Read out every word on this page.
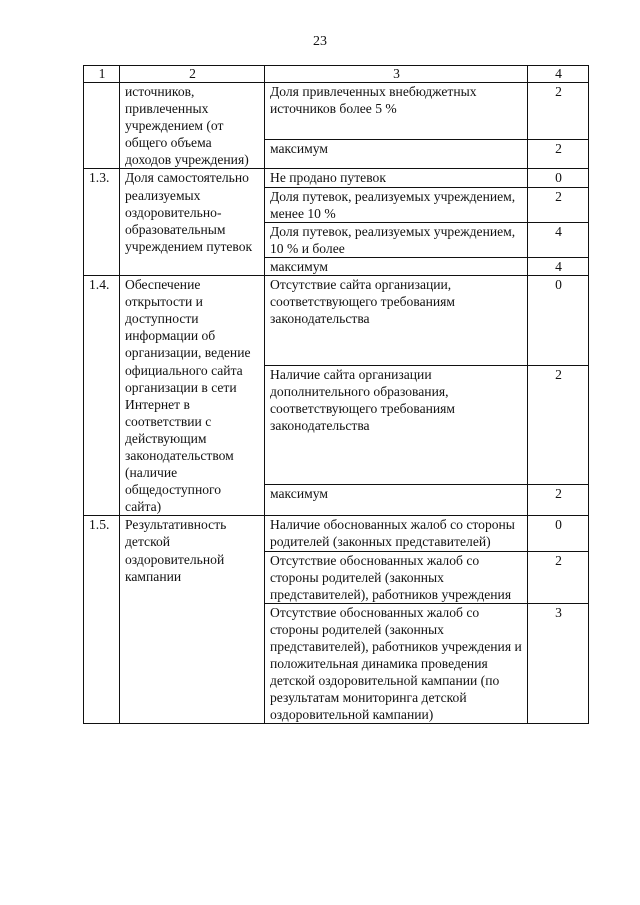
23
1	2	3	4
	источников, привлеченных учреждением (от общего объема доходов учреждения)	Доля привлеченных внебюджетных источников более 5 %	2
		максимум	2
1.3.	Доля самостоятельно реализуемых оздоровительно-образовательным учреждением путевок	Не продано путевок	0
		Доля путевок, реализуемых учреждением, менее 10 %	2
		Доля путевок, реализуемых учреждением, 10 % и более	4
		максимум	4
1.4.	Обеспечение открытости и доступности информации об организации, ведение официального сайта организации в сети Интернет в соответствии с действующим законодательством (наличие общедоступного сайта)	Отсутствие сайта организации, соответствующего требованиям законодательства	0
		Наличие сайта организации дополнительного образования, соответствующего требованиям законодательства	2
		максимум	2
1.5.	Результативность детской оздоровительной кампании	Наличие обоснованных жалоб со стороны родителей (законных представителей)	0
		Отсутствие обоснованных жалоб со стороны родителей (законных представителей), работников учреждения	2
		Отсутствие обоснованных жалоб со стороны родителей (законных представителей), работников учреждения и положительная динамика проведения детской оздоровительной кампании (по результатам мониторинга детской оздоровительной кампании)	3
